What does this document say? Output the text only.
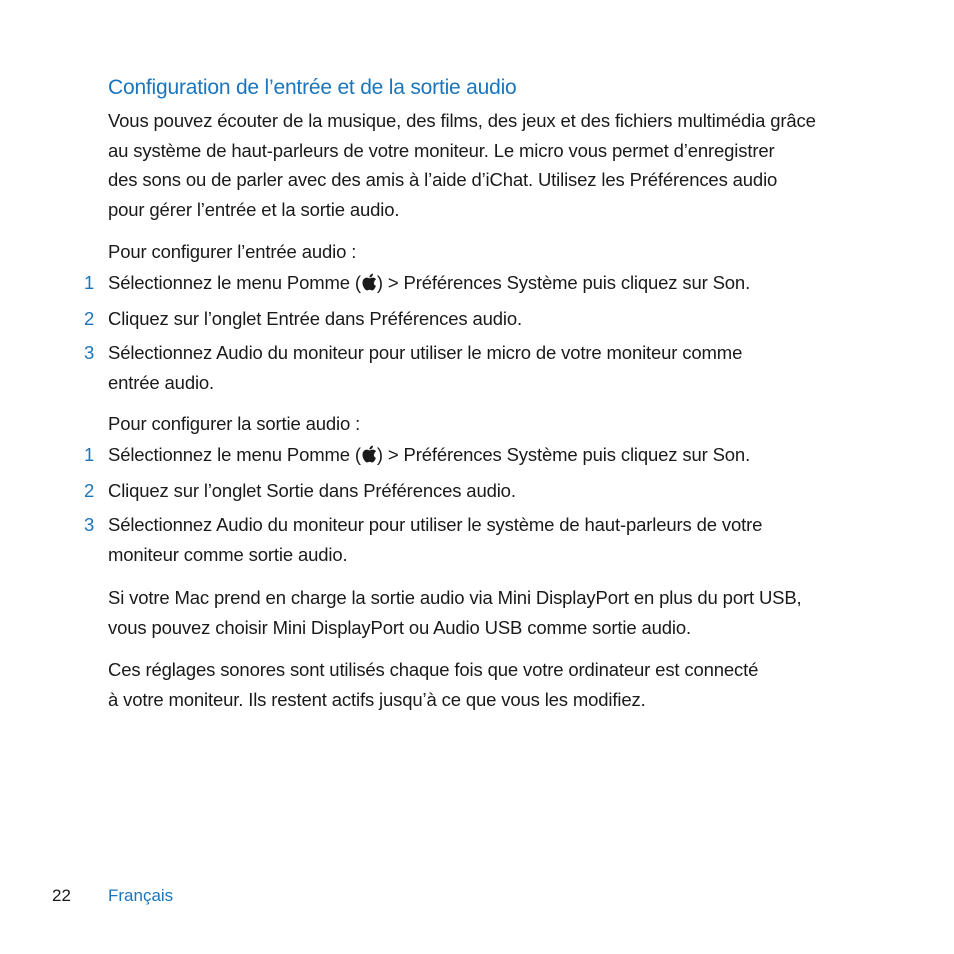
Configuration de l’entrée et de la sortie audio

Vous pouvez écouter de la musique, des films, des jeux et des fichiers multimédia grâce
au système de haut-parleurs de votre moniteur. Le micro vous permet d’enregistrer
des sons ou de parler avec des amis à l’aide d’iChat. Utilisez les Préférences audio
pour gérer l’entrée et la sortie audio.

Pour configurer l’entrée audio :

1 Sélectionnez le menu Pomme ( ) > Préférences Système puis cliquez sur Son.
2 Cliquez sur l’onglet Entrée dans Préférences audio.
3 Sélectionnez Audio du moniteur pour utiliser le micro de votre moniteur comme
entrée audio.

Pour configurer la sortie audio :

1 Sélectionnez le menu Pomme ( ) > Préférences Système puis cliquez sur Son.
2 Cliquez sur l’onglet Sortie dans Préférences audio.
3 Sélectionnez Audio du moniteur pour utiliser le système de haut-parleurs de votre
moniteur comme sortie audio.

Si votre Mac prend en charge la sortie audio via Mini DisplayPort en plus du port USB,
vous pouvez choisir Mini DisplayPort ou Audio USB comme sortie audio.

Ces réglages sonores sont utilisés chaque fois que votre ordinateur est connecté
à votre moniteur. Ils restent actifs jusqu’à ce que vous les modifiez.

22 Français
